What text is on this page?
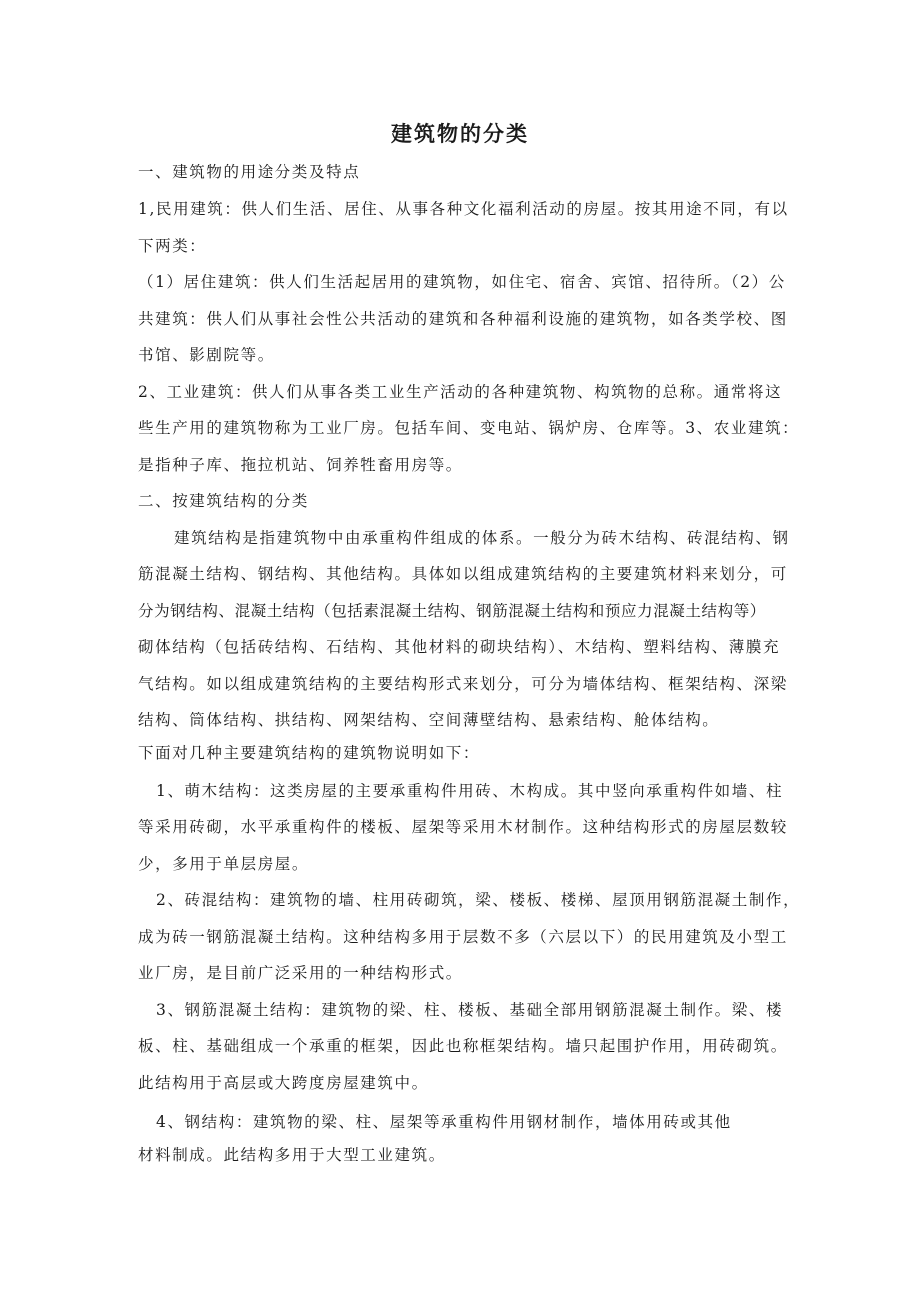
建筑物的分类
一、建筑物的用途分类及特点
1,民用建筑：供人们生活、居住、从事各种文化福利活动的房屋。按其用途不同，有以
下两类：
（1）居住建筑：供人们生活起居用的建筑物，如住宅、宿舍、宾馆、招待所。（2）公
共建筑：供人们从事社会性公共活动的建筑和各种福利设施的建筑物，如各类学校、图
书馆、影剧院等。
2、工业建筑：供人们从事各类工业生产活动的各种建筑物、构筑物的总称。通常将这
些生产用的建筑物称为工业厂房。包括车间、变电站、锅炉房、仓库等。3、农业建筑：
是指种子库、拖拉机站、饲养牲畜用房等。
二、按建筑结构的分类
建筑结构是指建筑物中由承重构件组成的体系。一般分为砖木结构、砖混结构、钢
筋混凝土结构、钢结构、其他结构。具体如以组成建筑结构的主要建筑材料来划分，可
分为钢结构、混凝土结构（包括素混凝土结构、钢筋混凝土结构和预应力混凝土结构等）
砌体结构（包括砖结构、石结构、其他材料的砌块结构）、木结构、塑料结构、薄膜充
气结构。如以组成建筑结构的主要结构形式来划分，可分为墙体结构、框架结构、深梁
结构、筒体结构、拱结构、网架结构、空间薄壁结构、悬索结构、舱体结构。
下面对几种主要建筑结构的建筑物说明如下：
1、萌木结构：这类房屋的主要承重构件用砖、木构成。其中竖向承重构件如墙、柱
等采用砖砌，水平承重构件的楼板、屋架等采用木材制作。这种结构形式的房屋层数较
少，多用于单层房屋。
2、砖混结构：建筑物的墙、柱用砖砌筑，梁、楼板、楼梯、屋顶用钢筋混凝土制作，
成为砖一钢筋混凝土结构。这种结构多用于层数不多（六层以下）的民用建筑及小型工
业厂房，是目前广泛采用的一种结构形式。
3、钢筋混凝土结构：建筑物的梁、柱、楼板、基础全部用钢筋混凝土制作。梁、楼
板、柱、基础组成一个承重的框架，因此也称框架结构。墙只起围护作用，用砖砌筑。
此结构用于高层或大跨度房屋建筑中。
4、钢结构：建筑物的梁、柱、屋架等承重构件用钢材制作，墙体用砖或其他
材料制成。此结构多用于大型工业建筑。
